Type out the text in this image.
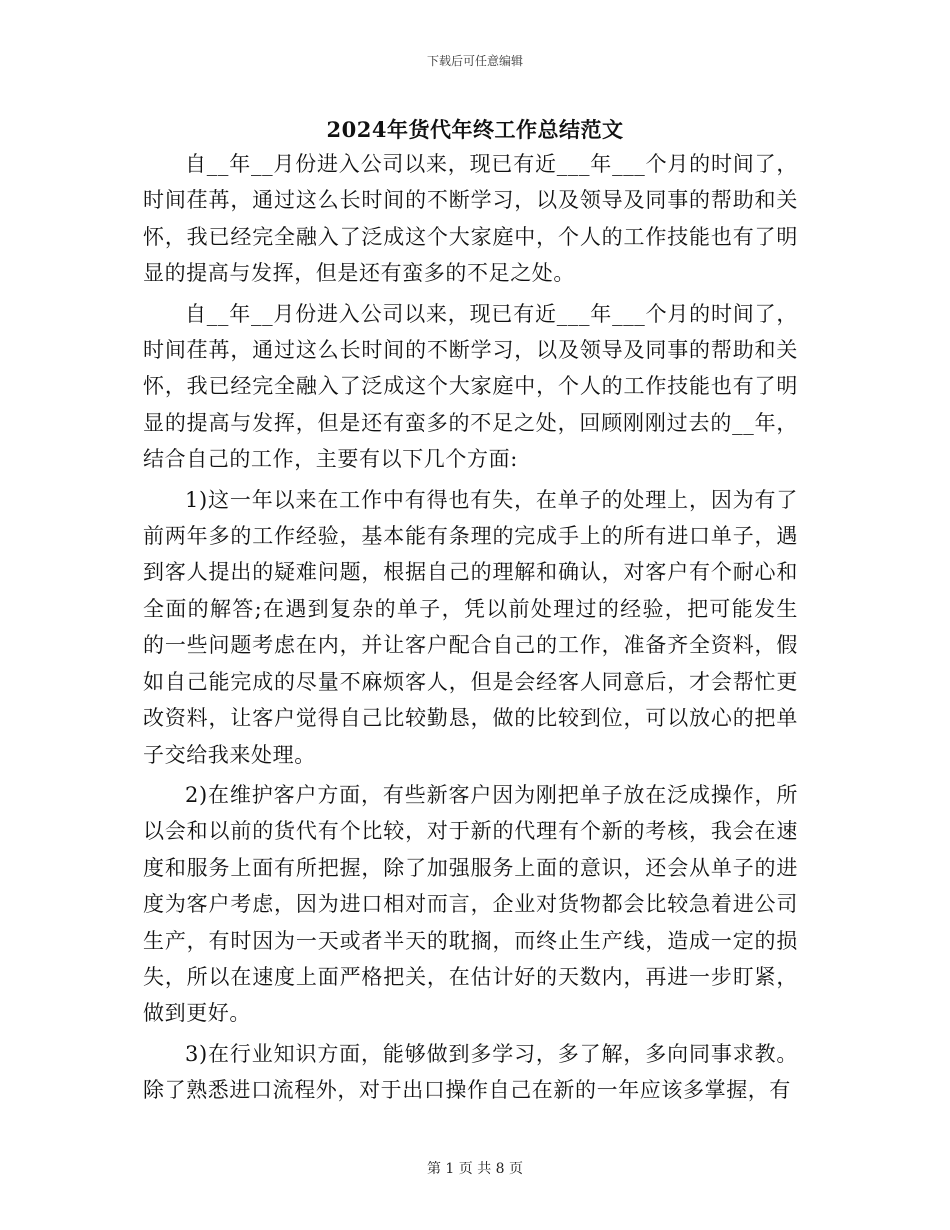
下载后可任意编辑
2024年货代年终工作总结范文

自__年__月份进入公司以来，现已有近___年___个月的时间了，时间荏苒，通过这么长时间的不断学习，以及领导及同事的帮助和关怀，我已经完全融入了泛成这个大家庭中，个人的工作技能也有了明显的提高与发挥，但是还有蛮多的不足之处。

自__年__月份进入公司以来，现已有近___年___个月的时间了，时间荏苒，通过这么长时间的不断学习，以及领导及同事的帮助和关怀，我已经完全融入了泛成这个大家庭中，个人的工作技能也有了明显的提高与发挥，但是还有蛮多的不足之处，回顾刚刚过去的__年，结合自己的工作，主要有以下几个方面:

1)这一年以来在工作中有得也有失，在单子的处理上，因为有了前两年多的工作经验，基本能有条理的完成手上的所有进口单子，遇到客人提出的疑难问题，根据自己的理解和确认，对客户有个耐心和全面的解答;在遇到复杂的单子，凭以前处理过的经验，把可能发生的一些问题考虑在内，并让客户配合自己的工作，准备齐全资料，假如自己能完成的尽量不麻烦客人，但是会经客人同意后，才会帮忙更改资料，让客户觉得自己比较勤恳，做的比较到位，可以放心的把单子交给我来处理。

2)在维护客户方面，有些新客户因为刚把单子放在泛成操作，所以会和以前的货代有个比较，对于新的代理有个新的考核，我会在速度和服务上面有所把握，除了加强服务上面的意识，还会从单子的进度为客户考虑，因为进口相对而言，企业对货物都会比较急着进公司生产，有时因为一天或者半天的耽搁，而终止生产线，造成一定的损失，所以在速度上面严格把关，在估计好的天数内，再进一步盯紧，做到更好。

3)在行业知识方面，能够做到多学习，多了解，多向同事求教。除了熟悉进口流程外，对于出口操作自己在新的一年应该多掌握，有

第 1 页 共 8 页
